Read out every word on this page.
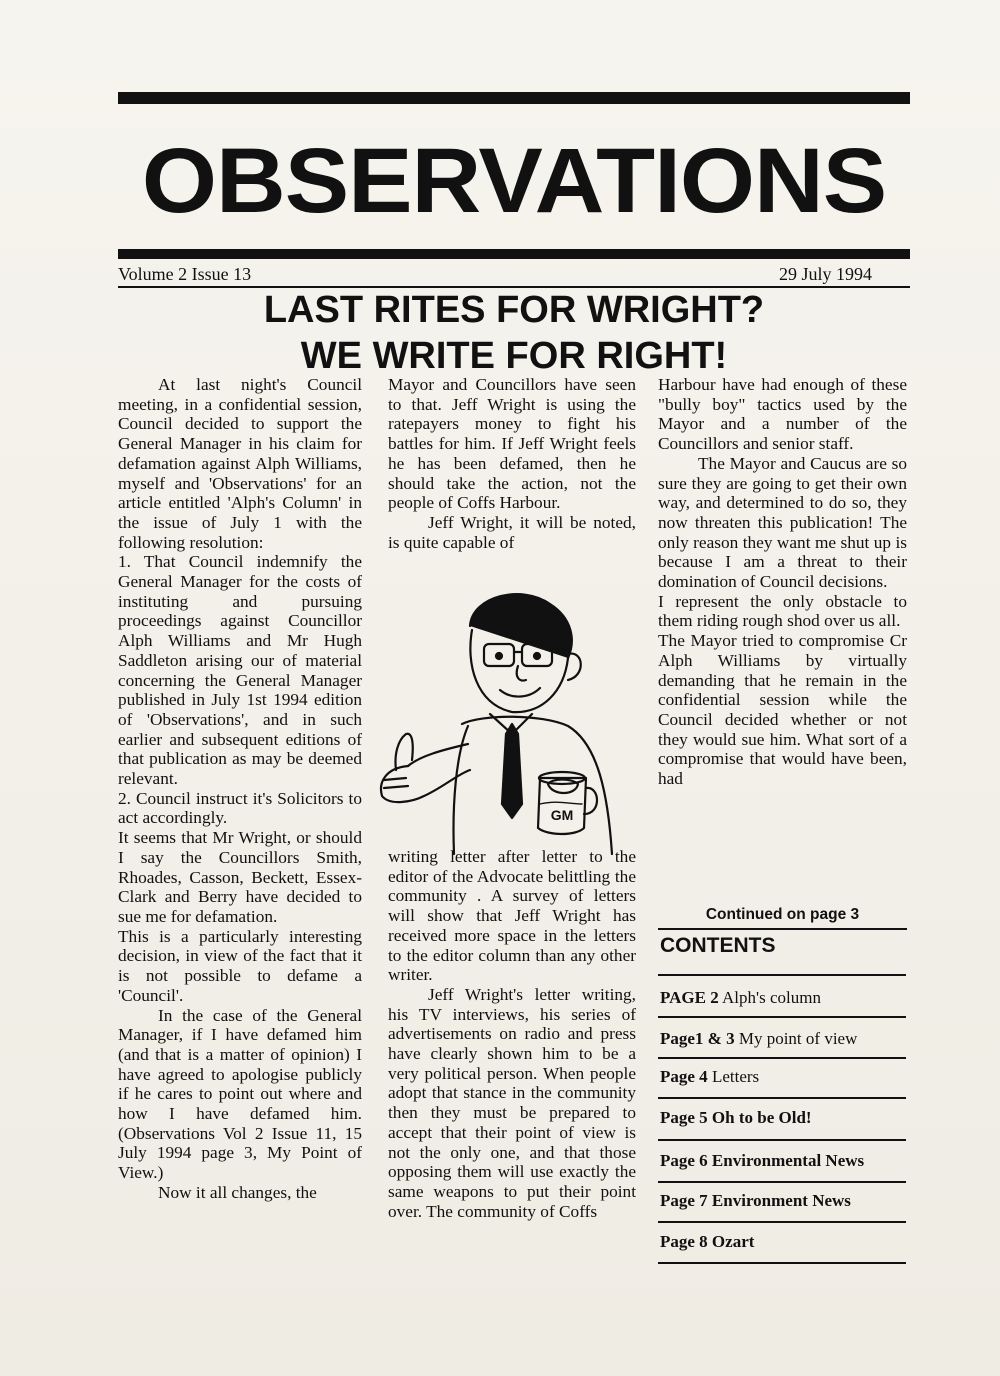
OBSERVATIONS
Volume 2 Issue 13	29 July 1994
LAST RITES FOR WRIGHT?
WE WRITE FOR RIGHT!

At last night's Council meeting, in a confidential session, Council decided to support the General Manager in his claim for defamation against Alph Williams, myself and 'Observations' for an article entitled 'Alph's Column' in the issue of July 1 with the following resolution:

1. That Council indemnify the General Manager for the costs of instituting and pursuing proceedings against Councillor Alph Williams and Mr Hugh Saddleton arising our of material concerning the General Manager published in July 1st 1994 edition of 'Observations', and in such earlier and subsequent editions of that publication as may be deemed relevant.

2. Council instruct it's Solicitors to act accordingly.

It seems that Mr Wright, or should I say the Councillors Smith, Rhoades, Casson, Beckett, Essex-Clark and Berry have decided to sue me for defamation.

This is a particularly interesting decision, in view of the fact that it is not possible to defame a 'Council'.

In the case of the General Manager, if I have defamed him (and that is a matter of opinion) I have agreed to apologise publicly if he cares to point out where and how I have defamed him. (Observations Vol 2 Issue 11, 15 July 1994 page 3, My Point of View.)

Now it all changes, the

Mayor and Councillors have seen to that. Jeff Wright is using the ratepayers money to fight his battles for him. If Jeff Wright feels he has been defamed, then he should take the action, not the people of Coffs Harbour.

Jeff Wright, it will be noted, is quite capable of

GM

writing letter after letter to the editor of the Advocate belittling the community . A survey of letters will show that Jeff Wright has received more space in the letters to the editor column than any other writer.

Jeff Wright's letter writing, his TV interviews, his series of advertisements on radio and press have clearly shown him to be a very political person. When people adopt that stance in the community then they must be prepared to accept that their point of view is not the only one, and that those opposing them will use exactly the same weapons to put their point over. The community of Coffs

Harbour have had enough of these "bully boy" tactics used by the Mayor and a number of the Councillors and senior staff.

The Mayor and Caucus are so sure they are going to get their own way, and determined to do so, they now threaten this publication! The only reason they want me shut up is because I am a threat to their domination of Council decisions.

I represent the only obstacle to them riding rough shod over us all.

The Mayor tried to compromise Cr Alph Williams by virtually demanding that he remain in the confidential session while the Council decided whether or not they would sue him. What sort of a compromise that would have been, had

Continued on page 3
CONTENTS
PAGE 2 Alph's column
Page1 & 3 My point of view
Page 4 Letters
Page 5 Oh to be Old!
Page 6 Environmental News
Page 7 Environment News
Page 8 Ozart
